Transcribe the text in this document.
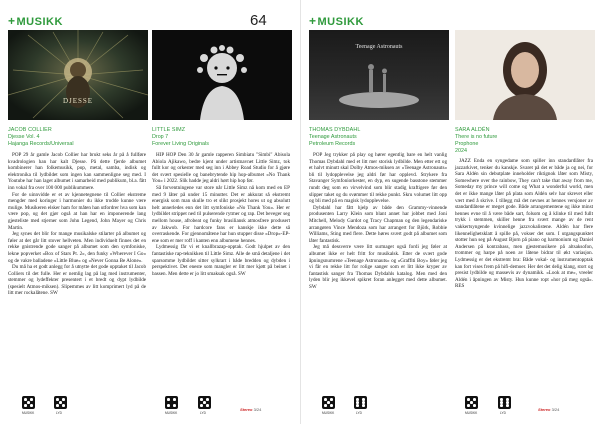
+MUSIKK	64
DJESSE
JACOB COLLIER
Djesse Vol. 4
Hajanga Records/Universal

POP 29 år gamle Jacob Collier har brukt seks år på å fullføre kvadrologien han har kalt Djesse. På dette fjerde albumet kombinerer han folkemusikk, pop, metal, samba, indisk og elektronika til lydbildet som ingen kan sammenligne seg med. I Youtube har han laget albumet i samarbeid med publikum, bl.a. fått inn vokal fra over 100 000 publikummere.

For de uinnvidde er et av kjennetegnene til Collier ekstreme mengder med koringer i harmonier du ikke trodde kunne være mulige. Musikeren elsker ham for måten han utfordrer hva som kan være pop, og det gjør også at han har en imponerende lang gjesteliste med stjerner som John Legend, John Mayer og Chris Martin.

Jeg synes det blir for mange musikalske stilarter på albumet og føler at det går litt stover hellveten. Men individuelt finnes det en rekke gnistrende gode sanger på albumet som den symfoniske, lekne popverket «Box of Stars Pt. 2», den funky «Wherever I Go» og de vakre balladene «Little Blue» og «Never Gonna Be Alone».

Du må ha et godt anlegg for å utnytte det gode opptaket til Jacob Colliers til det fulle. Her er nemlig lag på lag med instrumenter, stemmer og lydeffekter presentert i et bredt og dypt lydbilde (spesielt Atmos-miksen). Slipemmes av litt komprimert lyd på de litt mer rockalåtene. SW

MUSIKK	LYD
LITTLE SIMZ
Drop 7
Forever Living Originals

HIP HOP Den 30 år gamle rapperen Simbiatu "Simbi" Abisola Abiola Ajikawo, bedre kjent under artistnavnet Little Simz, tok fullt kor og orkester med seg inn i Abbey Road Studio for å gjøre det svært spesielle og banebrytende hip hop-albumet «No Thank You» i 2022. Slik hadde jeg aldri hørt hip hop før.

Så forventningene var store når Little Simz nå kom med en EP med 9 låter på under 15 minutter. Det er akkurat så ekstremt energisk som man skulle tro et slikt prosjekt hores ut og absolutt helt annerledes enn det litt symfoniske «No Thank You». Her er lydbildet strippet ned til pulserende rytmer og rap. Det beveger seg mellom house, afrobeat og funky brasiliansk atmosfære produsert av Jakwob. For hardcore fans er kanskje ikke dette så overraskende. For gjennomåtene har hun stupper disse «Drop»-EP-ene som er mer roff i kanten enn albumene hennes.

Lydmessig får vi et knallbrazap-opptak. Godt hjulpet av den fantastiske rap-teknikken til Little Simz. Alle de små detaljene i det sparsomme lydbildet sitter sylkrart i både bredden og dybden i perspektivet. Det eneste som mangler er litt mer kjøtt på beinet i bassen. Men dette er jo litt smaksak også. SW

MUSIKK	LYD
Stereo 3/24
+MUSIKK
Teenage Astronauts
THOMAS DYBDAHL
Teenage Astronauts
Petroleum Records

POP Jeg trykker på play og hører egentlig bare en helt vanlig Thomas Dybdahl med et litt mer storisk lydbilde. Men etter ett og et halvt minutt skal Dolby Atmos-miksen av «Teenage Astronauts» bli til lydopplevelse jeg aldri før har opplevd. Strykere fra Stavanger Symfoniorkester, en dyp, en sugende basstone stemmer rundt deg som en virvelvind som blir stadig kraftigere før den slipper taket og du svømmer til rekke punkt. Skru volumet litt opp og bli med på en magisk lydopplevelse.

Dybdahl har fått hjelp av både den Grammy-vinnende produsenten Larry Klein som blant annet har jobbet med Joni Mitchell, Melody Gardot og Tracy Chapman og den legendariske arrangøren Vince Mendoza som har arrangert for Björk, Robbie Williams, Sting med flere. Dette høres svært godt på albumet som låter fantastisk.

Jeg må dessverre være litt surmaget også fordi jeg føler at albumet ikke er helt fritt for musikalsk. Etter de svært gode åpningsnumrene «Teenage Astronauts» og «Graffiti Boy» føler jeg vi får en rekke litt for rolige sanger som er litt ikke kryper av fantastisk sanger fra Thomas Dybdahls katalog. Men med den lyden blir jeg ikkevel spikret foran anlegget med dette albumet. SW

MUSIKK	LYD
SARA ALDÉN
There is no future
Prophone
2024

JAZZ Enda en syngedame som spiller inn standardlåter fra jazzarkivet, tenker du kanskje. Svaret på det er både ja og nei, for Sara Aldén sin debutplate inneholder riktignok låter som Misty, Somewhere over the rainbow, They can't take that away from me, Someday my prince will come og What a wonderful world, men det er ikke mange låter på plata som Aldén selv har skrevet eller vært med å skrive. I tillegg må det nevnes at hennes versjoner av standardlåtene er meget gode. Både arrangementene og ikke minst hennes evne til å være både sart, folsom og å klinke til med fullt trykk i stemmen, skiller henne fra svært mange av de rent vakkertsyngende kvinnelige jazzvokalistene. Aldén har flere likennelighetsklatt å spille på, vokser det som. I utgangspunktet stotter hun seg på August Bjorn på piano og harmonium og Daniel Andersen på kontrabass, men gjestemusikere på altsaksofon, trommer og harpe på noen av låtene bidrar til økt variasjon. Lydmessig er det ekstremt bra: Både vokal- og instrumentopptak kan fort vises frem på hifi-demoer. Her det det delig klang, stort og presist lydbilde og massevis av dynamikk. «Look at me», vreeler Aldén i åpningen av Misty. Hun kunne ropt «hor på meg også». RES

MUSIKK	LYD
Stereo 3/24
